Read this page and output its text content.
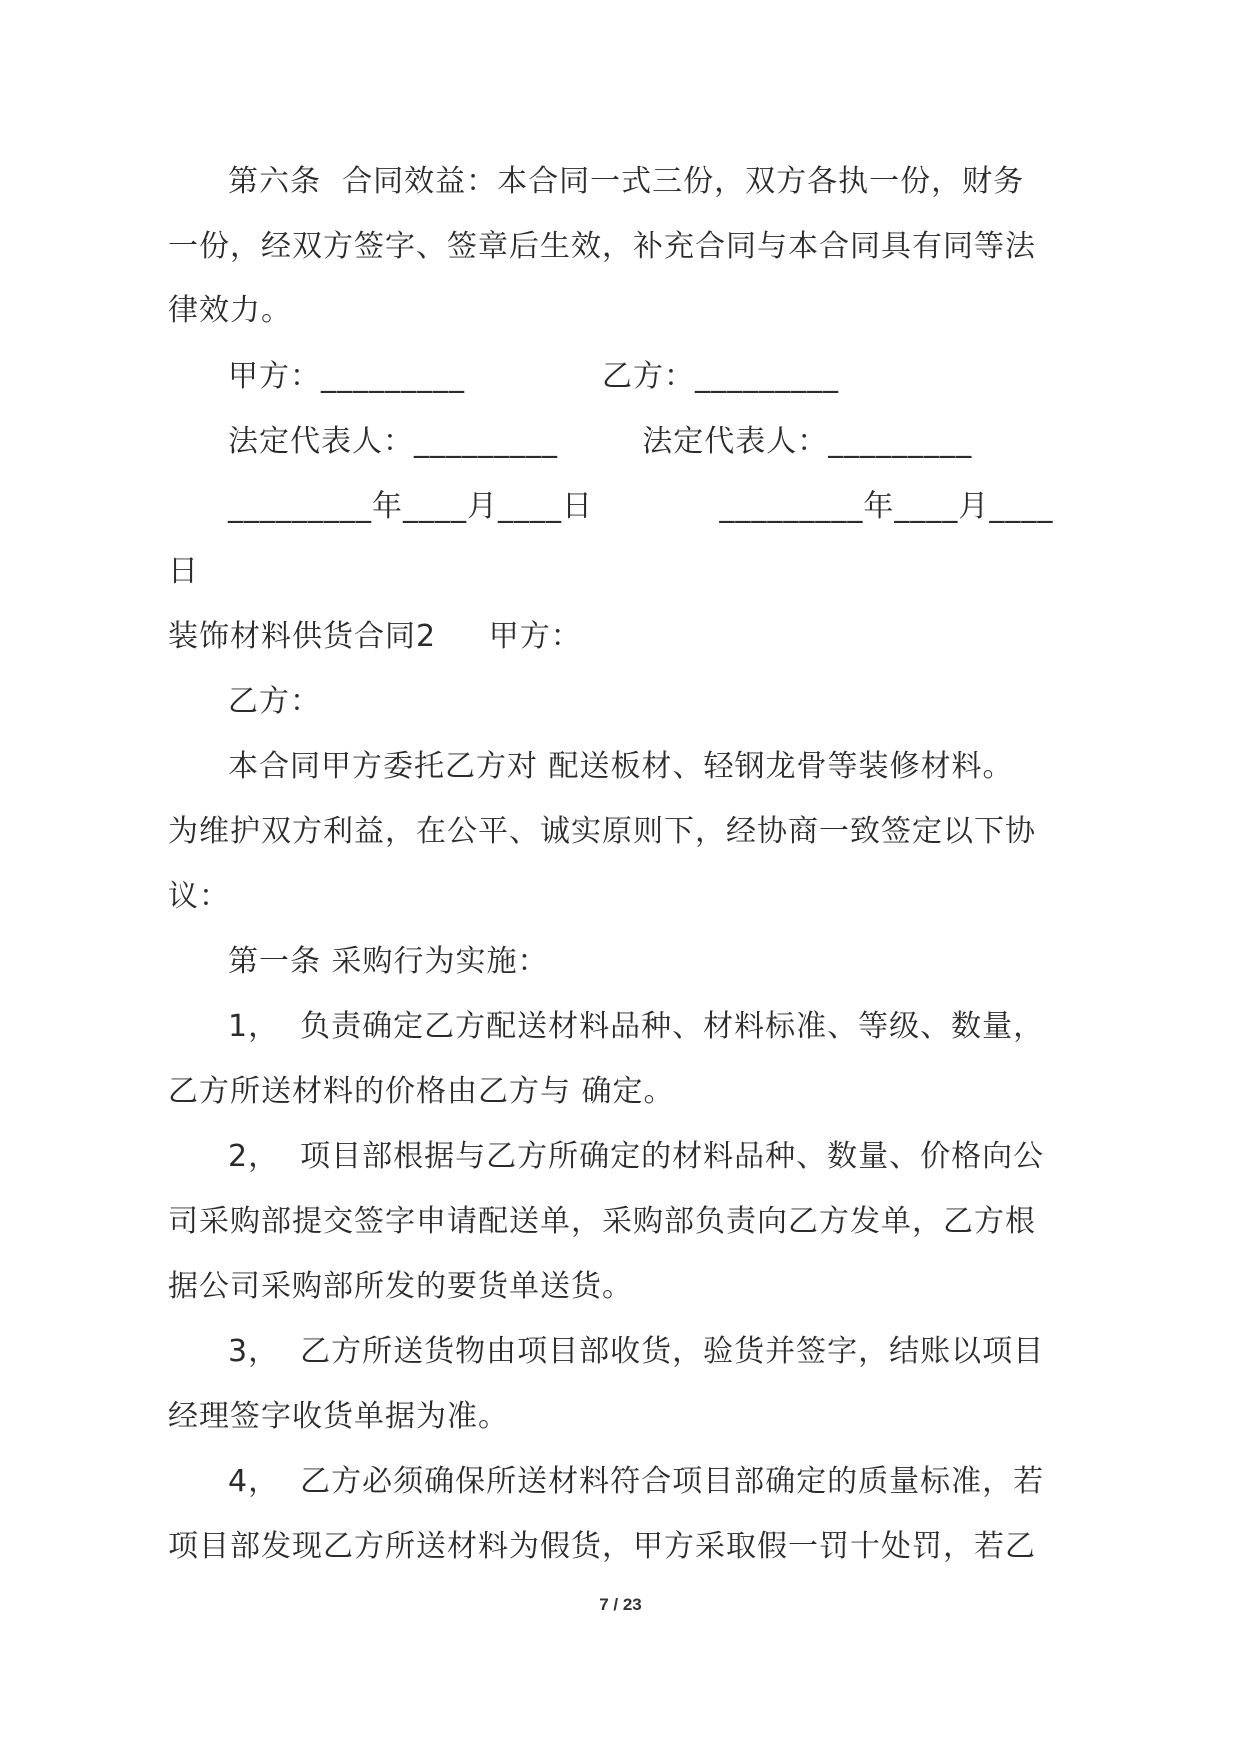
第六条  合同效益：本合同一式三份，双方各执一份，财务
一份，经双方签字、签章后生效，补充合同与本合同具有同等法
律效力。
甲方：_________             乙方：_________
法定代表人：_________        法定代表人：_________
_________年____月____日            _________年____月____
日
装饰材料供货合同2     甲方：
乙方：
本合同甲方委托乙方对 配送板材、轻钢龙骨等装修材料。
为维护双方利益，在公平、诚实原则下，经协商一致签定以下协
议：
第一条 采购行为实施：
1，  负责确定乙方配送材料品种、材料标准、等级、数量，
乙方所送材料的价格由乙方与 确定。
2，  项目部根据与乙方所确定的材料品种、数量、价格向公
司采购部提交签字申请配送单，采购部负责向乙方发单，乙方根
据公司采购部所发的要货单送货。
3，  乙方所送货物由项目部收货，验货并签字，结账以项目
经理签字收货单据为准。
4，  乙方必须确保所送材料符合项目部确定的质量标准，若
项目部发现乙方所送材料为假货，甲方采取假一罚十处罚，若乙
7 / 23
